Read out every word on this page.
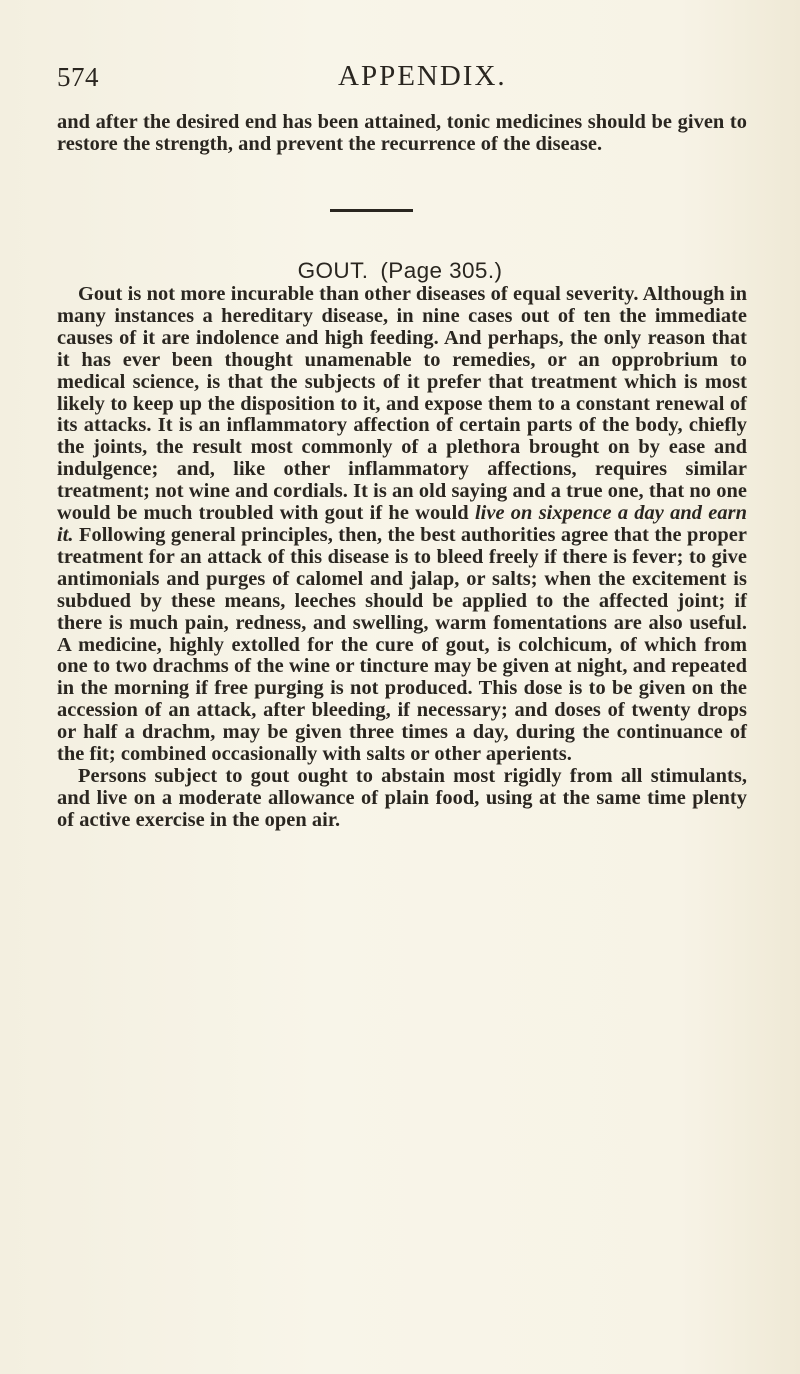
574	APPENDIX.
and after the desired end has been attained, tonic medicines should be given to restore the strength, and prevent the recurrence of the disease.
GOUT. (Page 305.)

Gout is not more incurable than other diseases of equal severity. Although in many instances a hereditary disease, in nine cases out of ten the immediate causes of it are indolence and high feeding. And perhaps, the only reason that it has ever been thought unamenable to remedies, or an opprobrium to medical science, is that the subjects of it prefer that treatment which is most likely to keep up the disposition to it, and expose them to a constant renewal of its attacks. It is an inflammatory affection of certain parts of the body, chiefly the joints, the result most commonly of a plethora brought on by ease and indulgence; and, like other inflammatory affections, requires similar treatment; not wine and cordials. It is an old saying and a true one, that no one would be much troubled with gout if he would live on sixpence a day and earn it. Following general principles, then, the best authorities agree that the proper treatment for an attack of this disease is to bleed freely if there is fever; to give antimonials and purges of calomel and jalap, or salts; when the excitement is subdued by these means, leeches should be applied to the affected joint; if there is much pain, redness, and swelling, warm fomentations are also useful. A medicine, highly extolled for the cure of gout, is colchicum, of which from one to two drachms of the wine or tincture may be given at night, and repeated in the morning if free purging is not produced. This dose is to be given on the accession of an attack, after bleeding, if necessary; and doses of twenty drops or half a drachm, may be given three times a day, during the continuance of the fit; combined occasionally with salts or other aperients.

Persons subject to gout ought to abstain most rigidly from all stimulants, and live on a moderate allowance of plain food, using at the same time plenty of active exercise in the open air.
